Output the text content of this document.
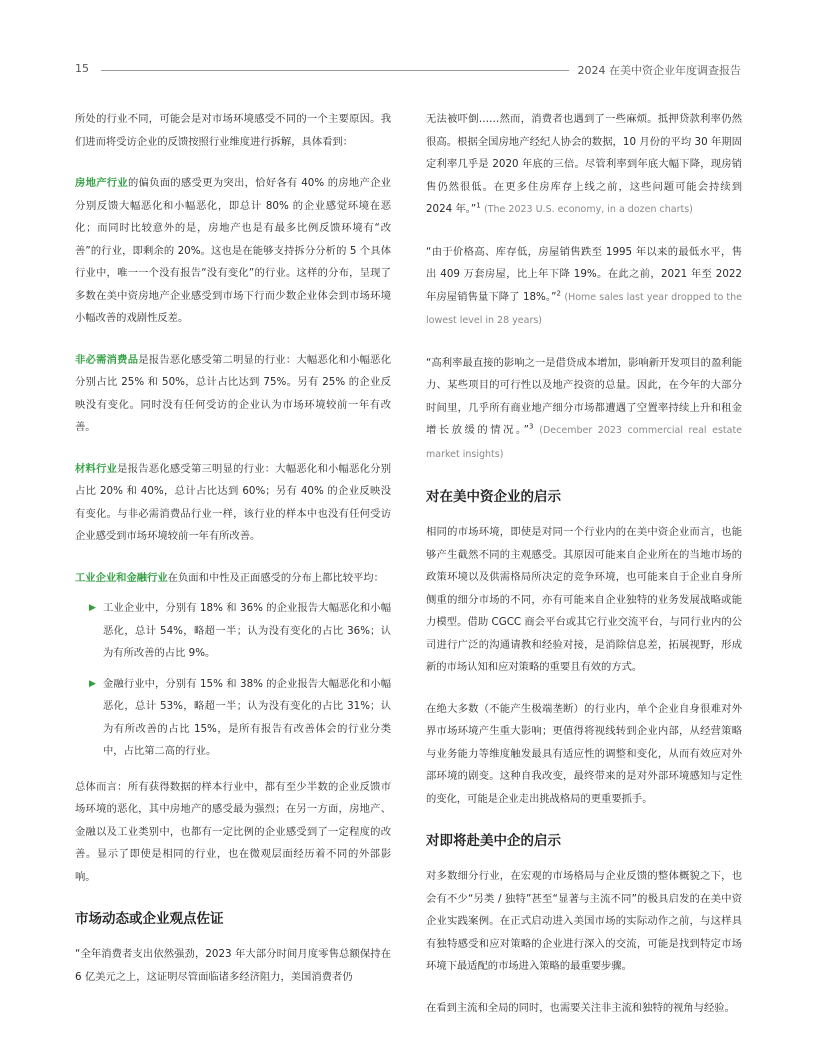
15	2024 在美中资企业年度调查报告

所处的行业不同，可能会是对市场环境感受不同的一个主要原因。我们进而将受访企业的反馈按照行业维度进行拆解，具体看到：

房地产行业的偏负面的感受更为突出，恰好各有 40% 的房地产企业分别反馈大幅恶化和小幅恶化，即总计 80% 的企业感觉环境在恶化；而同时比较意外的是，房地产也是有最多比例反馈环境有“改善”的行业，即剩余的 20%。这也是在能够支持拆分分析的 5 个具体行业中，唯一一个没有报告“没有变化”的行业。这样的分布，呈现了多数在美中资房地产企业感受到市场下行而少数企业体会到市场环境小幅改善的戏剧性反差。

非必需消费品是报告恶化感受第二明显的行业：大幅恶化和小幅恶化分别占比 25% 和 50%，总计占比达到 75%。另有 25% 的企业反映没有变化。同时没有任何受访的企业认为市场环境较前一年有改善。

材料行业是报告恶化感受第三明显的行业：大幅恶化和小幅恶化分别占比 20% 和 40%，总计占比达到 60%；另有 40% 的企业反映没有变化。与非必需消费品行业一样，该行业的样本中也没有任何受访企业感受到市场环境较前一年有所改善。

工业企业和金融行业在负面和中性及正面感受的分布上都比较平均：

▶ 工业企业中，分别有 18% 和 36% 的企业报告大幅恶化和小幅恶化，总计 54%，略超一半；认为没有变化的占比 36%；认为有所改善的占比 9%。
▶ 金融行业中，分别有 15% 和 38% 的企业报告大幅恶化和小幅恶化，总计 53%，略超一半；认为没有变化的占比 31%；认为有所改善的占比 15%，是所有报告有改善体会的行业分类中，占比第二高的行业。

总体而言：所有获得数据的样本行业中，都有至少半数的企业反馈市场环境的恶化，其中房地产的感受最为强烈；在另一方面，房地产、金融以及工业类别中，也都有一定比例的企业感受到了一定程度的改善。显示了即使是相同的行业，也在微观层面经历着不同的外部影响。

市场动态或企业观点佐证

“全年消费者支出依然强劲，2023 年大部分时间月度零售总额保持在 6 亿美元之上，这证明尽管面临诸多经济阻力，美国消费者仍

无法被吓倒……然而，消费者也遇到了一些麻烦。抵押贷款利率仍然很高。根据全国房地产经纪人协会的数据，10 月份的平均 30 年期固定利率几乎是 2020 年底的三倍。尽管利率到年底大幅下降，现房销售仍然很低。在更多住房库存上线之前，这些问题可能会持续到 2024 年。”$^1$ (The 2023 U.S. economy, in a dozen charts)

“由于价格高、库存低，房屋销售跌至 1995 年以来的最低水平，售出 409 万套房屋，比上年下降 19%。在此之前，2021 年至 2022 年房屋销售量下降了 18%。”$^2$ (Home sales last year dropped to the lowest level in 28 years)

“高利率最直接的影响之一是借贷成本增加，影响新开发项目的盈利能力、某些项目的可行性以及地产投资的总量。因此，在今年的大部分时间里，几乎所有商业地产细分市场都遭遇了空置率持续上升和租金增长放缓的情况。”$^3$ (December 2023 commercial real estate market insights)

对在美中资企业的启示

相同的市场环境，即使是对同一个行业内的在美中资企业而言，也能够产生截然不同的主观感受。其原因可能来自企业所在的当地市场的政策环境以及供需格局所决定的竞争环境，也可能来自于企业自身所侧重的细分市场的不同，亦有可能来自企业独特的业务发展战略或能力模型。借助 CGCC 商会平台或其它行业交流平台，与同行业内的公司进行广泛的沟通请教和经验对接，是消除信息差，拓展视野，形成新的市场认知和应对策略的重要且有效的方式。

在绝大多数（不能产生极端垄断）的行业内，单个企业自身很难对外界市场环境产生重大影响；更值得将视线转到企业内部，从经营策略与业务能力等维度触发最具有适应性的调整和变化，从而有效应对外部环境的剧变。这种自我改变，最终带来的是对外部环境感知与定性的变化，可能是企业走出挑战格局的更重要抓手。

对即将赴美中企的启示

对多数细分行业，在宏观的市场格局与企业反馈的整体概貌之下，也会有不少“另类 / 独特”甚至“显著与主流不同”的极具启发的在美中资企业实践案例。在正式启动进入美国市场的实际动作之前，与这样具有独特感受和应对策略的企业进行深入的交流，可能是找到特定市场环境下最适配的市场进入策略的最重要步骤。

在看到主流和全局的同时，也需要关注非主流和独特的视角与经验。
